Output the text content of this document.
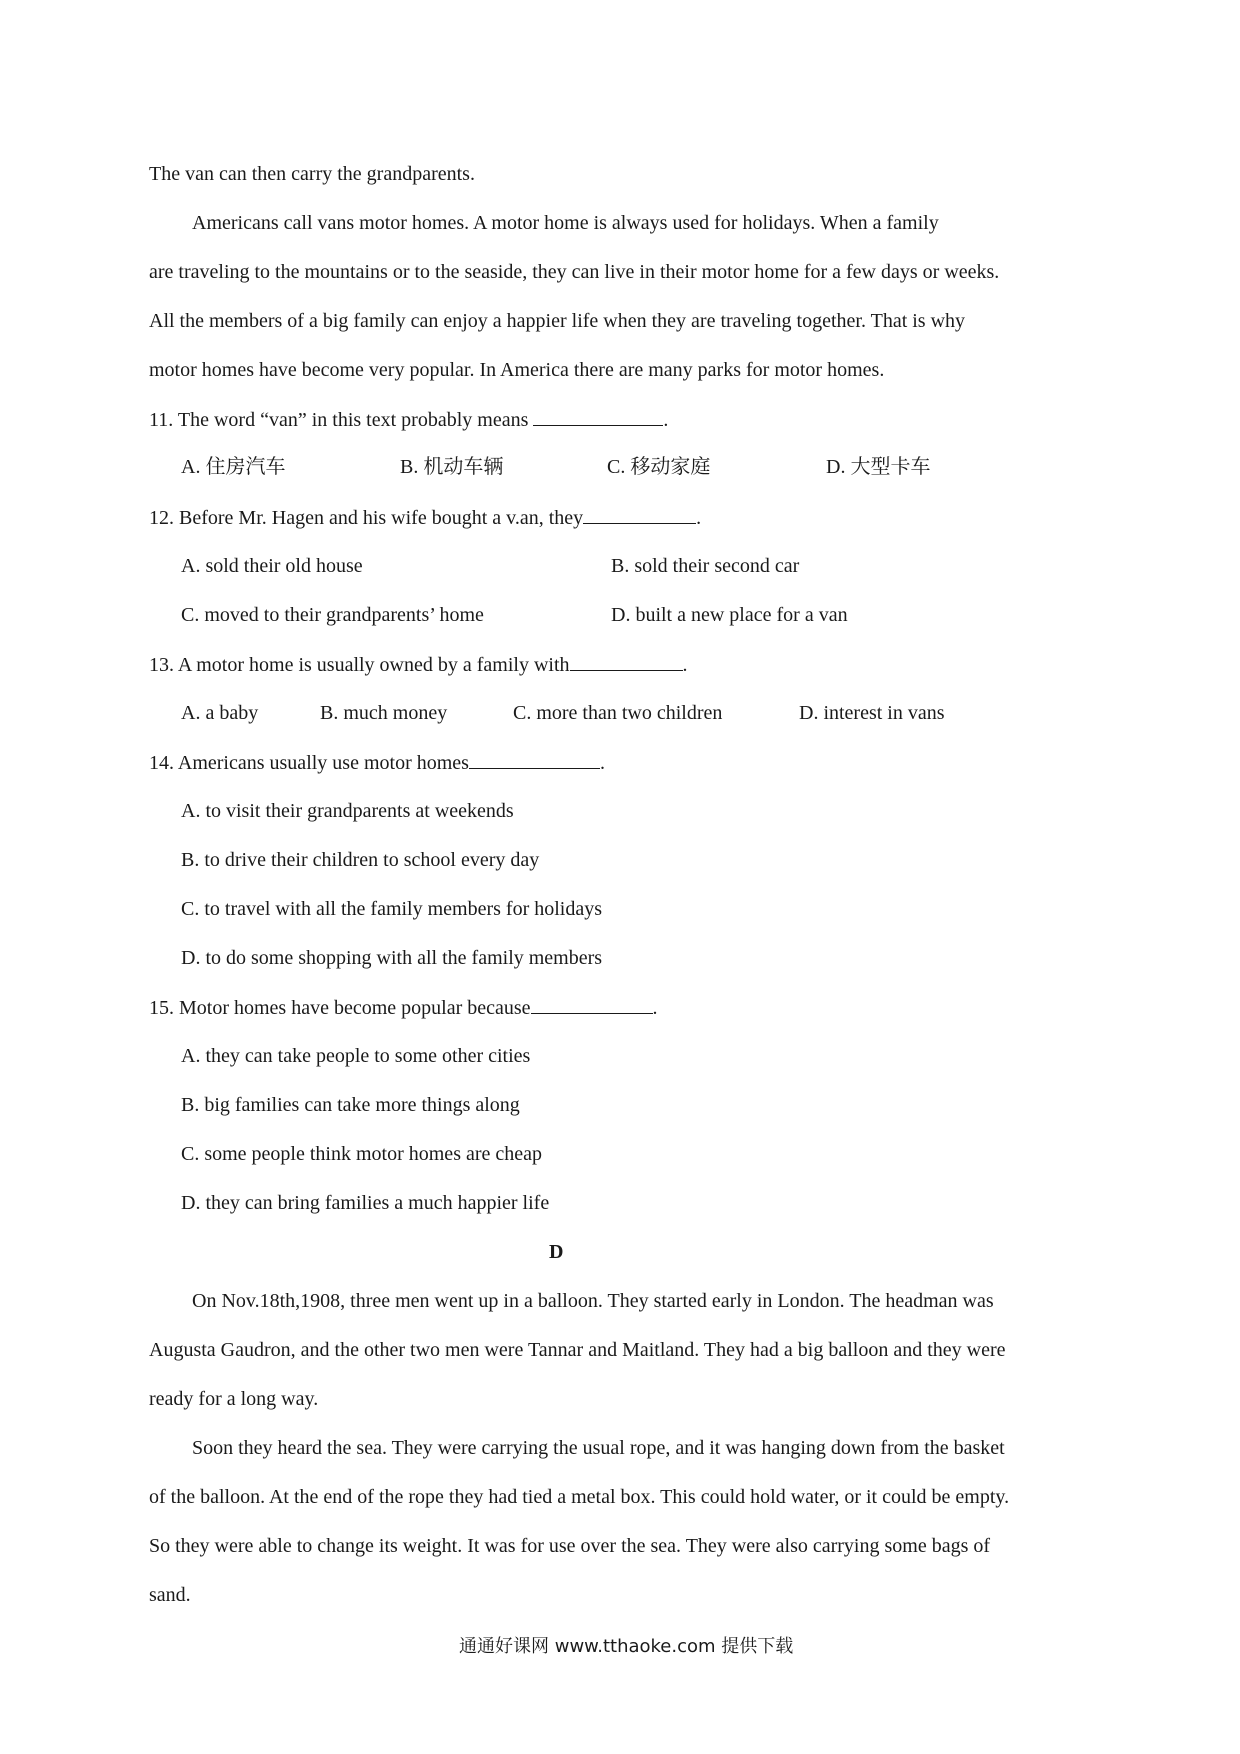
The van can then carry the grandparents.
Americans call vans motor homes. A motor home is always used for holidays. When a family
are traveling to the mountains or to the seaside, they can live in their motor home for a few days or weeks.
All the members of a big family can enjoy a happier life when they are traveling together. That is why
motor homes have become very popular. In America there are many parks for motor homes.
11. The word “van” in this text probably means	.
A. 住房汽车	B. 机动车辆	C. 移动家庭	D. 大型卡车
12. Before Mr. Hagen and his wife bought a v.an, they	.
A. sold their old house	B. sold their second car
C. moved to their grandparents’ home	D. built a new place for a van
13. A motor home is usually owned by a family with	.
A. a baby	B. much money	C. more than two children	D. interest in vans
14. Americans usually use motor homes	.
A. to visit their grandparents at weekends
B. to drive their children to school every day
C. to travel with all the family members for holidays
D. to do some shopping with all the family members
15. Motor homes have become popular because	.
A. they can take people to some other cities
B. big families can take more things along
C. some people think motor homes are cheap
D. they can bring families a much happier life
D
On Nov.18th,1908, three men went up in a balloon. They started early in London. The headman was
Augusta Gaudron, and the other two men were Tannar and Maitland. They had a big balloon and they were
ready for a long way.
Soon they heard the sea. They were carrying the usual rope, and it was hanging down from the basket
of the balloon. At the end of the rope they had tied a metal box. This could hold water, or it could be empty.
So they were able to change its weight. It was for use over the sea. They were also carrying some bags of
sand.
通通好课网 www.tthaoke.com 提供下载
